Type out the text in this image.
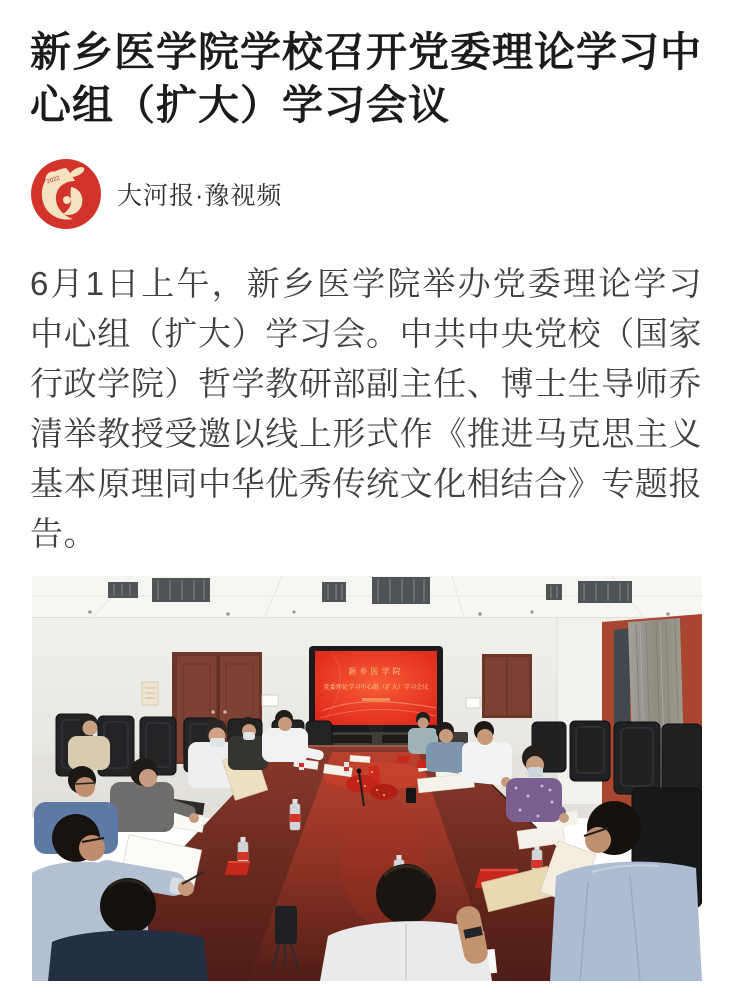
新乡医学院学校召开党委理论学习中心组（扩大）学习会议
2022
大河报·豫视频

6月1日上午，新乡医学院举办党委理论学习中心组（扩大）学习会。中共中央党校（国家行政学院）哲学教研部副主任、博士生导师乔清举教授受邀以线上形式作《推进马克思主义基本原理同中华优秀传统文化相结合》专题报告。

新乡医学院
党委理论学习中心组（扩大）学习会议
